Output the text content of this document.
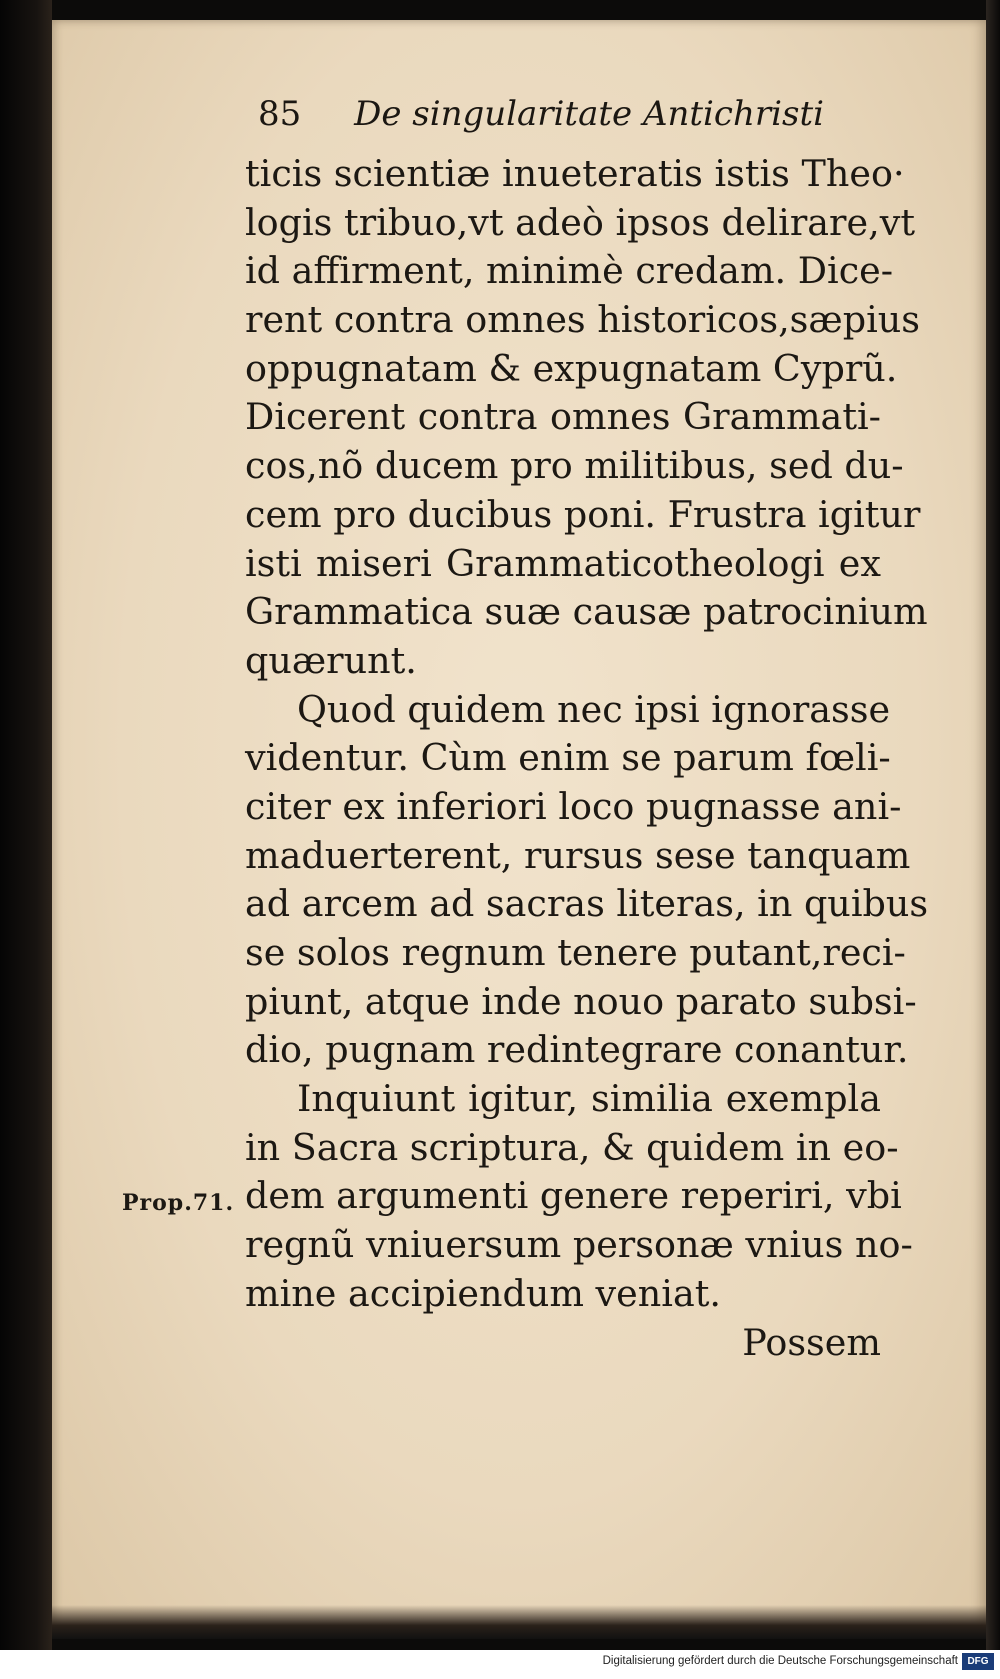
85 De singularitate Antichristi
ticis scientiæ inueteratis istis Theo·
logis tribuo,vt adeò ipsos delirare,vt
id affirment, minimè credam. Dice-
rent contra omnes historicos,sæpius
oppugnatam & expugnatam Cyprũ.
Dicerent contra omnes Grammati-
cos,nõ ducem pro militibus, sed du-
cem pro ducibus poni. Frustra igitur
isti miseri Grammaticotheologi ex
Grammatica suæ causæ patrocinium
quærunt.
Quod quidem nec ipsi ignorasse
videntur. Cùm enim se parum fœli-
citer ex inferiori loco pugnasse ani-
maduerterent, rursus sese tanquam
ad arcem ad sacras literas, in quibus
se solos regnum tenere putant,reci-
piunt, atque inde nouo parato subsi-
dio, pugnam redintegrare conantur.
Inquiunt igitur, similia exempla
in Sacra scriptura, & quidem in eo-
dem argumenti genere reperiri, vbi
regnũ vniuersum personæ vnius no-
mine accipiendum veniat.
Possem
Prop.71.
Digitalisierung gefördert durch die Deutsche Forschungsgemeinschaft DFG
